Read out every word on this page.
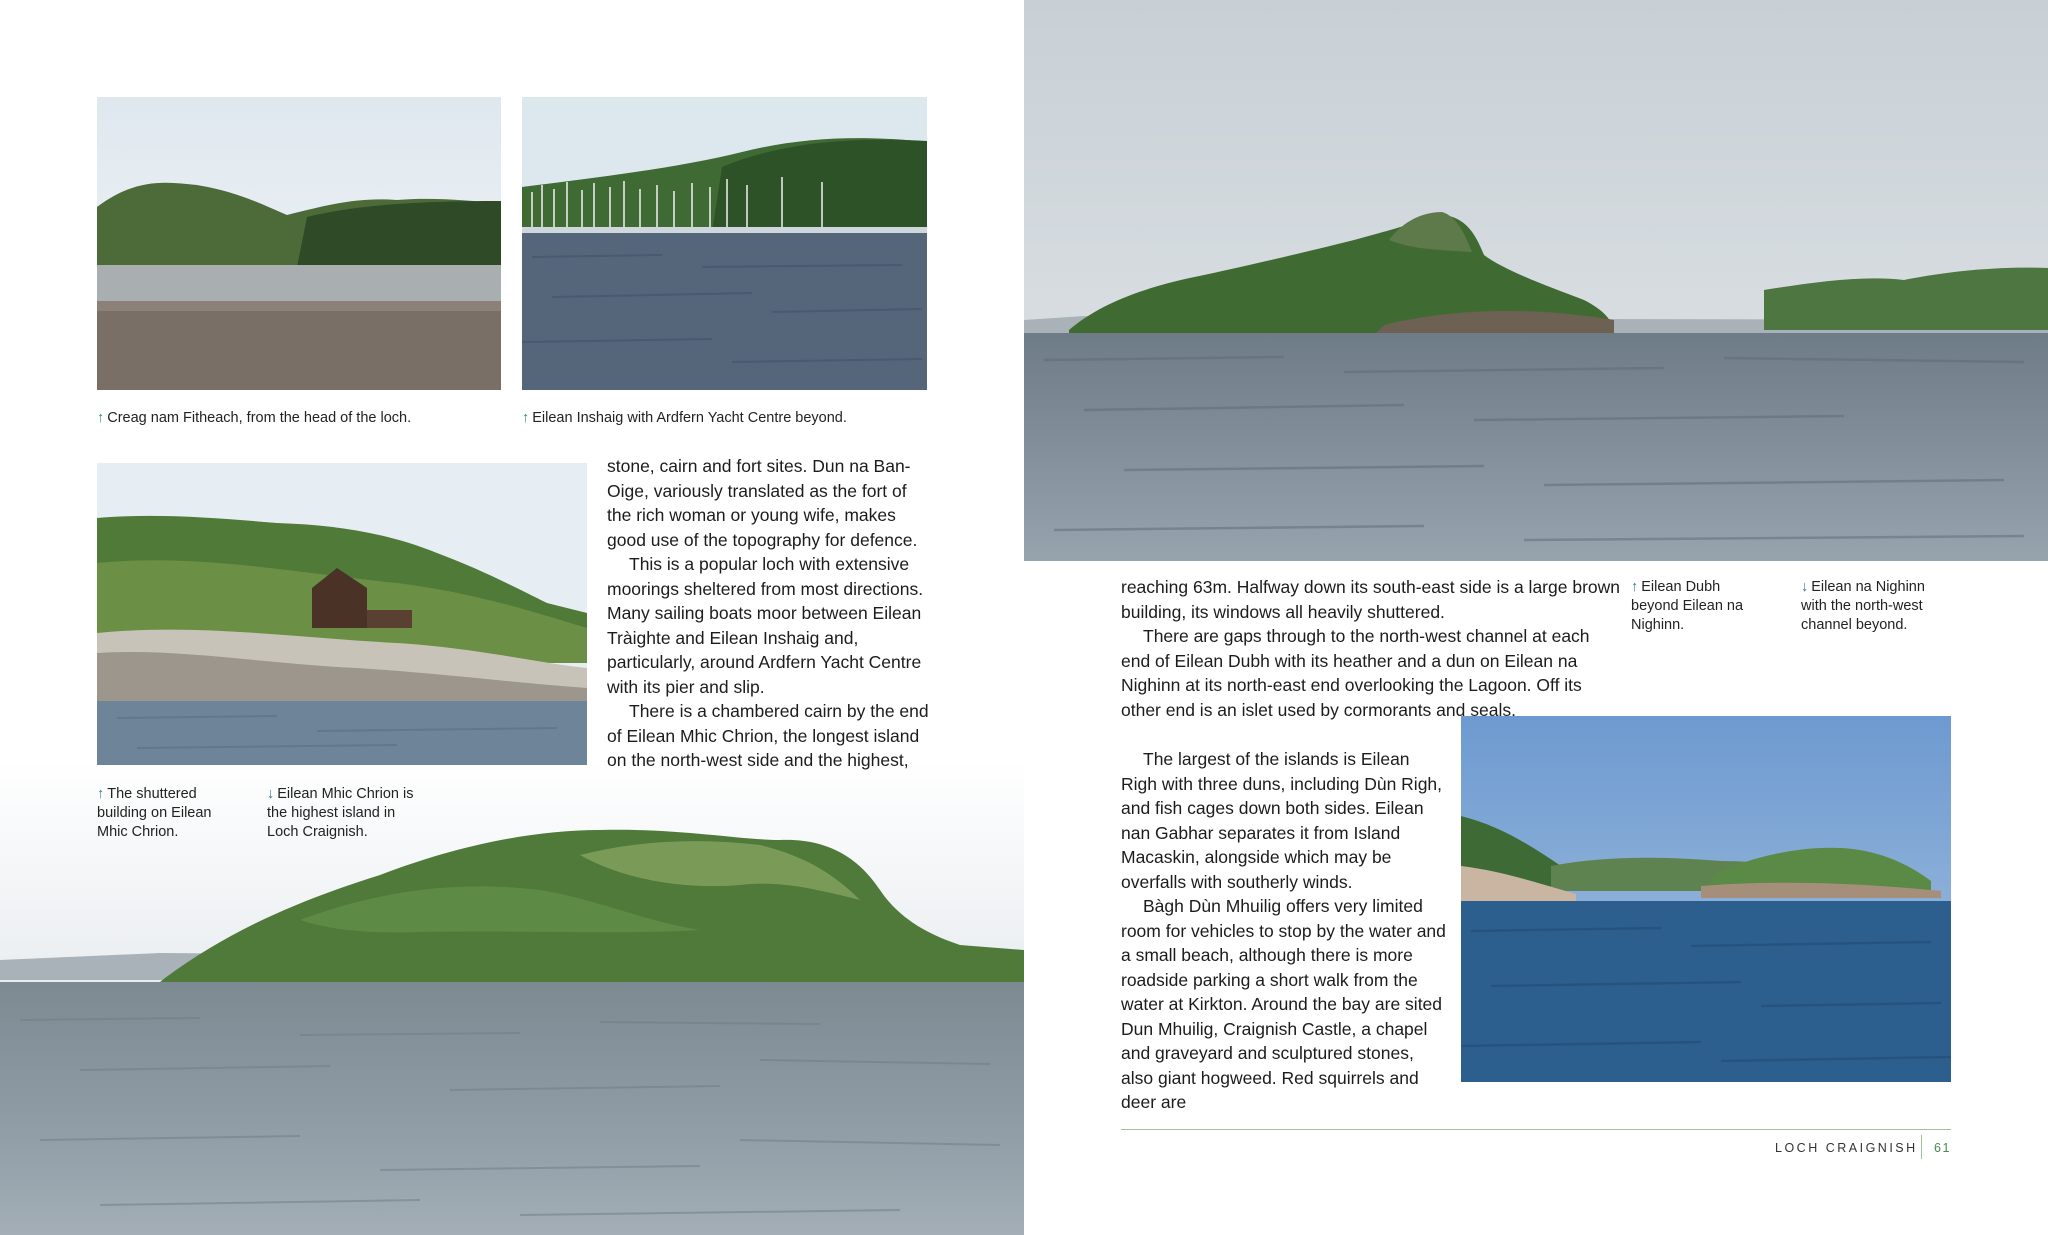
↑ Creag nam Fitheach, from the head of the loch.	↑ Eilean Inshaig with Ardfern Yacht Centre beyond.
↑ The shuttered building on Eilean Mhic Chrion.
↓ Eilean Mhic Chrion is the highest island in Loch Craignish.

stone, cairn and fort sites. Dun na Ban-Oige, variously translated as the fort of the rich woman or young wife, makes good use of the topography for defence.

This is a popular loch with extensive moorings sheltered from most directions. Many sailing boats moor between Eilean Tràighte and Eilean Inshaig and, particularly, around Ardfern Yacht Centre with its pier and slip.

There is a chambered cairn by the end of Eilean Mhic Chrion, the longest island on the north-west side and the highest,

↑ Eilean Dubh beyond Eilean na Nighinn.
↓ Eilean na Nighinn with the north-west channel beyond.

reaching 63m. Halfway down its south-east side is a large brown building, its windows all heavily shuttered.

There are gaps through to the north-west channel at each end of Eilean Dubh with its heather and a dun on Eilean na Nighinn at its north-east end overlooking the Lagoon. Off its other end is an islet used by cormorants and seals.

The largest of the islands is Eilean Righ with three duns, including Dùn Righ, and fish cages down both sides. Eilean nan Gabhar separates it from Island Macaskin, alongside which may be overfalls with southerly winds.

Bàgh Dùn Mhuilig offers very limited room for vehicles to stop by the water and a small beach, although there is more roadside parking a short walk from the water at Kirkton. Around the bay are sited Dun Mhuilig, Craignish Castle, a chapel and graveyard and sculptured stones, also giant hogweed. Red squirrels and deer are

LOCH CRAIGNISH 61
